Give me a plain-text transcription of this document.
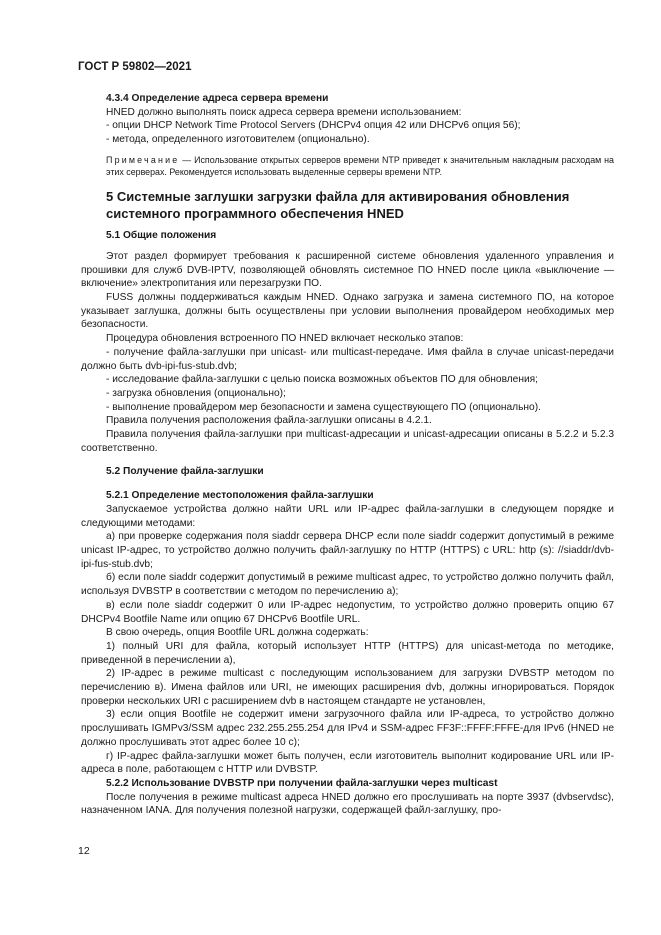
ГОСТ Р 59802—2021

4.3.4 Определение адреса сервера времени

HNED должно выполнять поиск адреса сервера времени использованием:

- опции DHCP Network Time Protocol Servers (DHCPv4 опция 42 или DHCPv6 опция 56);

- метода, определенного изготовителем (опционально).

Примечание — Использование открытых серверов времени NTP приведет к значительным накладным расходам на этих серверах. Рекомендуется использовать выделенные серверы времени NTP.

5 Системные заглушки загрузки файла для активирования обновления системного программного обеспечения HNED

5.1 Общие положения

Этот раздел формирует требования к расширенной системе обновления удаленного управления и прошивки для служб DVB-IPTV, позволяющей обновлять системное ПО HNED после цикла «выключение — включение» электропитания или перезагрузки ПО.

FUSS должны поддерживаться каждым HNED. Однако загрузка и замена системного ПО, на которое указывает заглушка, должны быть осуществлены при условии выполнения провайдером необходимых мер безопасности.

Процедура обновления встроенного ПО HNED включает несколько этапов:

- получение файла-заглушки при unicast- или multicast-передаче. Имя файла в случае unicast-передачи должно быть dvb-ipi-fus-stub.dvb;

- исследование файла-заглушки с целью поиска возможных объектов ПО для обновления;

- загрузка обновления (опционально);

- выполнение провайдером мер безопасности и замена существующего ПО (опционально).

Правила получения расположения файла-заглушки описаны в 4.2.1.

Правила получения файла-заглушки при multicast-адресации и unicast-адресации описаны в 5.2.2 и 5.2.3 соответственно.

5.2 Получение файла-заглушки

5.2.1 Определение местоположения файла-заглушки

Запускаемое устройства должно найти URL или IP-адрес файла-заглушки в следующем порядке и следующими методами:

а) при проверке содержания поля siaddr сервера DHCP если поле siaddr содержит допустимый в режиме unicast IP-адрес, то устройство должно получить файл-заглушку по HTTP (HTTPS) с URL: http (s): //siaddr/dvb-ipi-fus-stub.dvb;

б) если поле siaddr содержит допустимый в режиме multicast адрес, то устройство должно получить файл, используя DVBSTP в соответствии с методом по перечислению а);

в) если поле siaddr содержит 0 или IP-адрес недопустим, то устройство должно проверить опцию 67 DHCPv4 Bootfile Name или опцию 67 DHCPv6 Bootfile URL.

В свою очередь, опция Bootfile URL должна содержать:

1) полный URI для файла, который использует HTTP (HTTPS) для unicast-метода по методике, приведенной в перечислении а),

2) IP-адрес в режиме multicast с последующим использованием для загрузки DVBSTP методом по перечислению в). Имена файлов или URI, не имеющих расширения dvb, должны игнорироваться. Порядок проверки нескольких URI с расширением dvb в настоящем стандарте не установлен,

3) если опция Bootfile не содержит имени загрузочного файла или IP-адреса, то устройство должно прослушивать IGMPv3/SSM адрес 232.255.255.254 для IPv4 и SSM-адрес FF3F::FFFF:FFFE-для IPv6 (HNED не должно прослушивать этот адрес более 10 с);

г) IP-адрес файла-заглушки может быть получен, если изготовитель выполнит кодирование URL или IP-адреса в поле, работающем с HTTP или DVBSTP.

5.2.2 Использование DVBSTP при получении файла-заглушки через multicast

После получения в режиме multicast адреса HNED должно его прослушивать на порте 3937 (dvbservdsc), назначенном IANA. Для получения полезной нагрузки, содержащей файл-заглушку, про-

12
